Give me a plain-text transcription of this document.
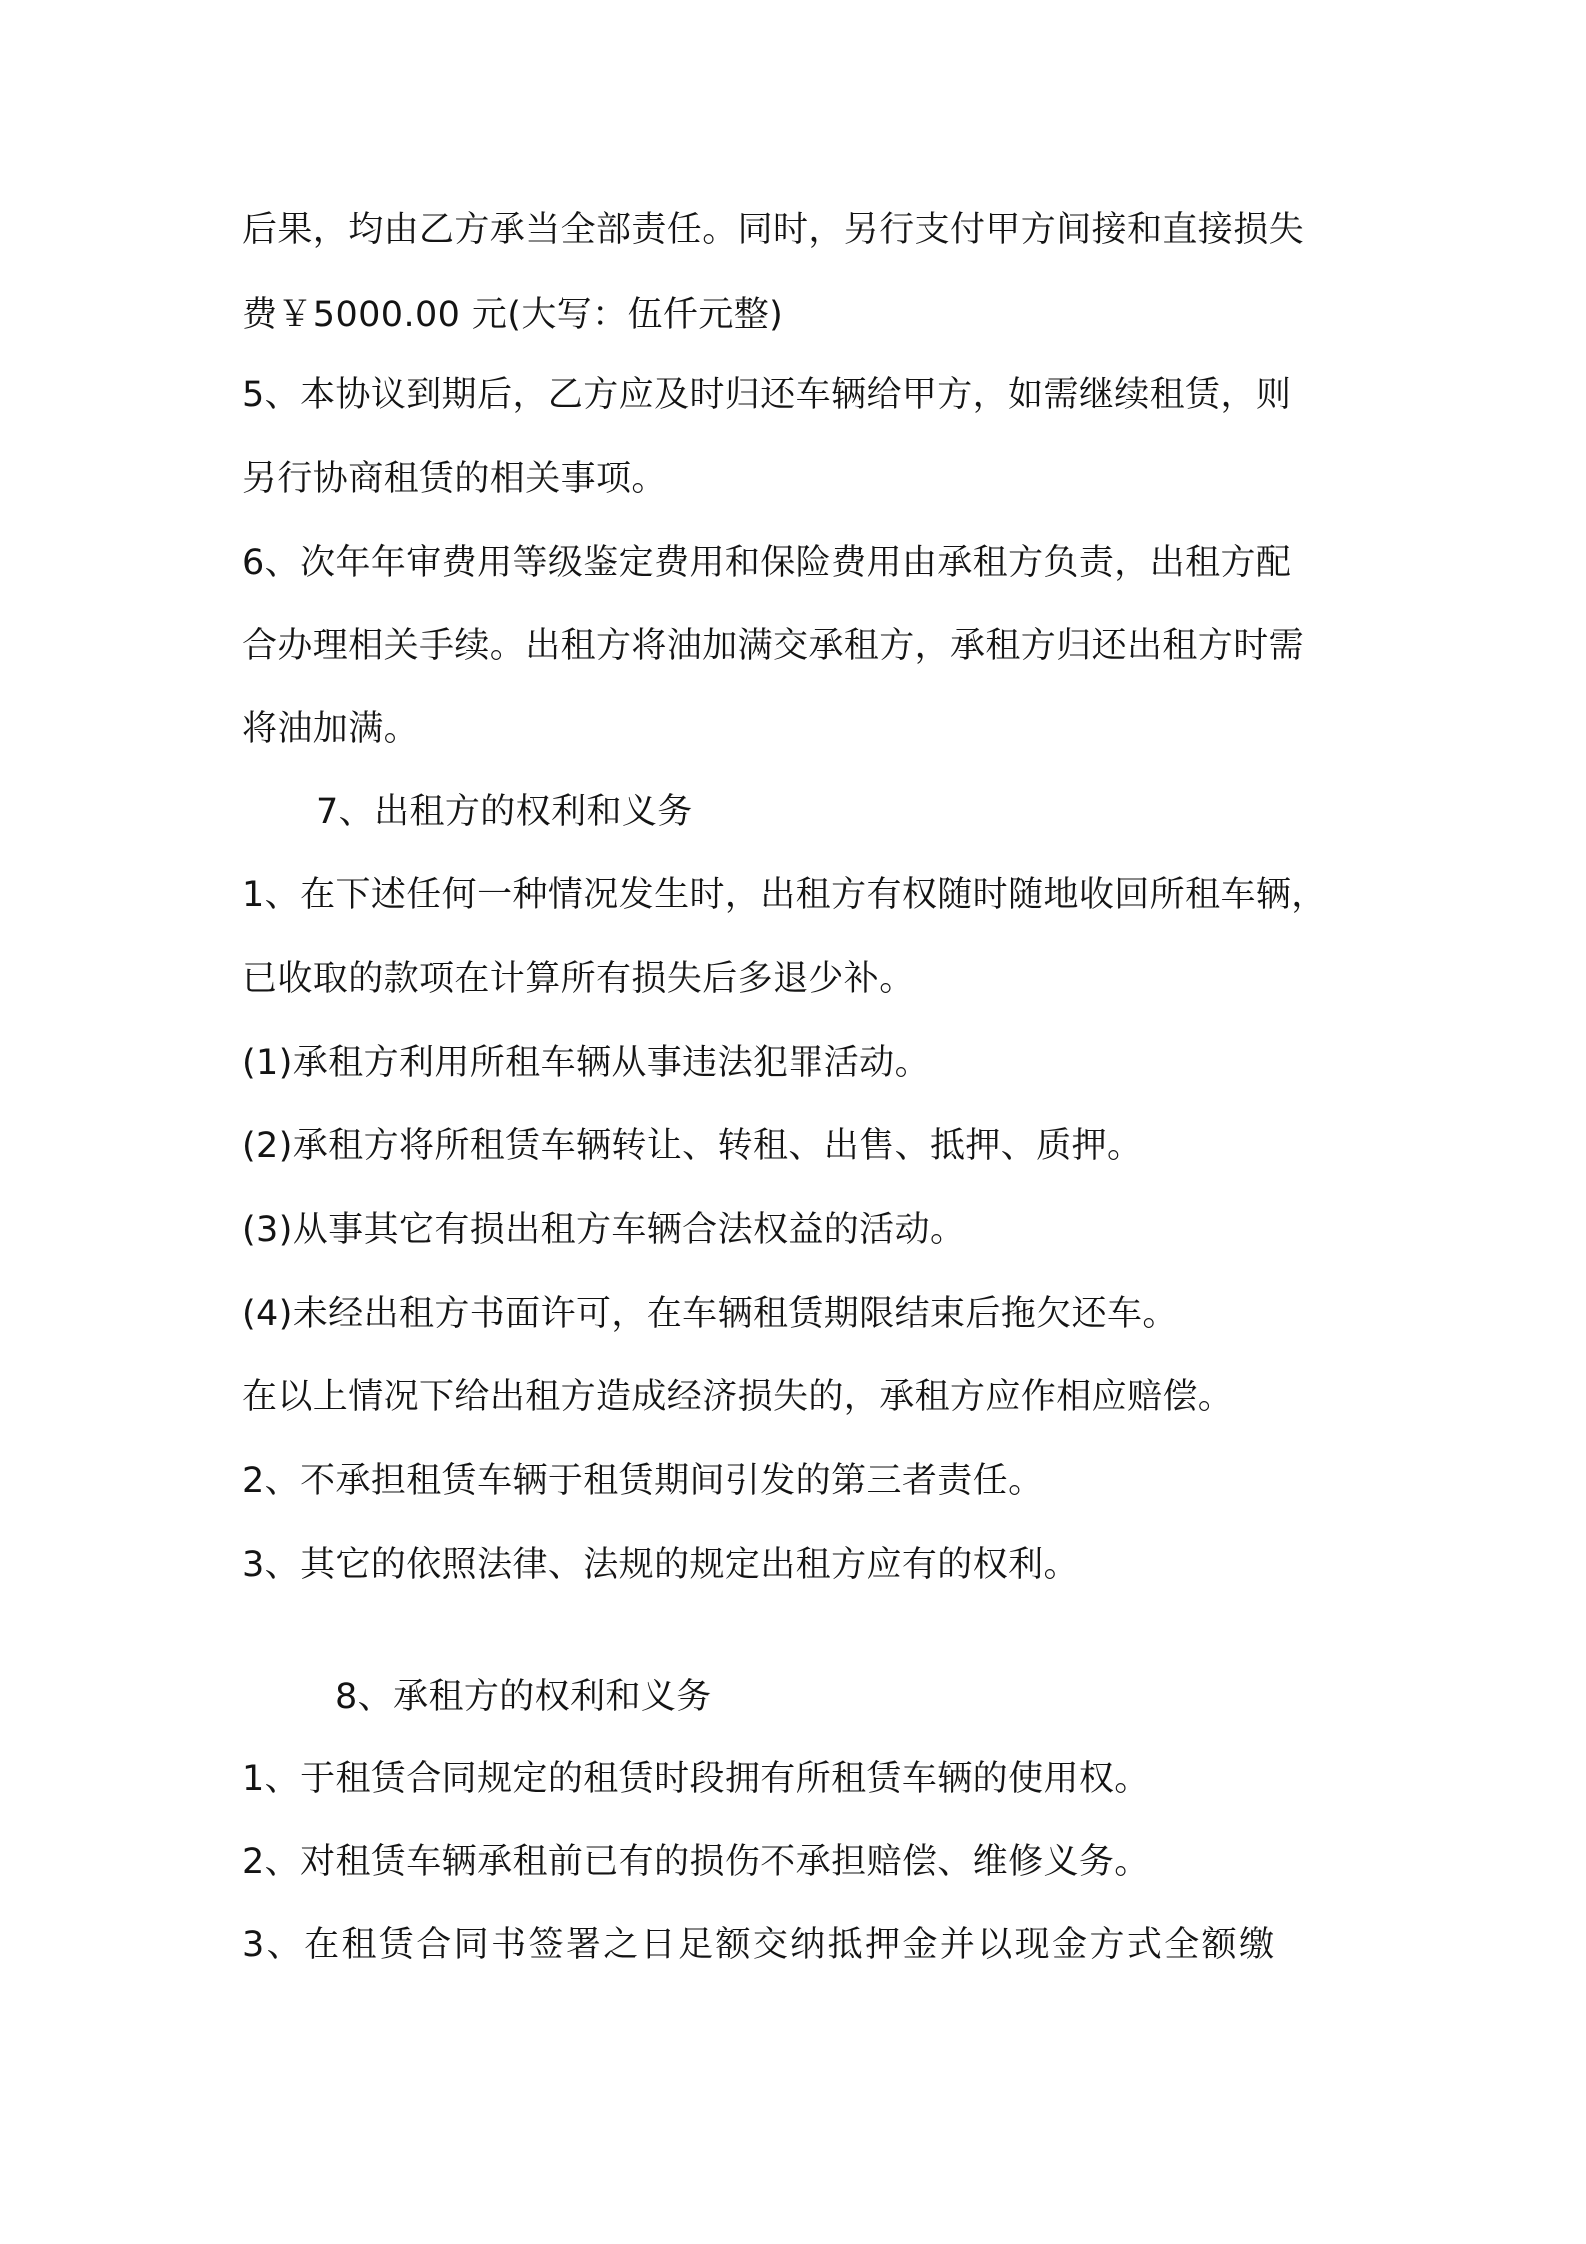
后果，均由乙方承当全部责任。同时，另行支付甲方间接和直接损失
费￥5000.00 元(大写：伍仟元整)
5、本协议到期后，乙方应及时归还车辆给甲方，如需继续租赁，则
另行协商租赁的相关事项。
6、次年年审费用等级鉴定费用和保险费用由承租方负责，出租方配
合办理相关手续。出租方将油加满交承租方，承租方归还出租方时需
将油加满。
7、出租方的权利和义务
1、在下述任何一种情况发生时，出租方有权随时随地收回所租车辆，
已收取的款项在计算所有损失后多退少补。
(1)承租方利用所租车辆从事违法犯罪活动。
(2)承租方将所租赁车辆转让、转租、出售、抵押、质押。
(3)从事其它有损出租方车辆合法权益的活动。
(4)未经出租方书面许可，在车辆租赁期限结束后拖欠还车。
在以上情况下给出租方造成经济损失的，承租方应作相应赔偿。
2、不承担租赁车辆于租赁期间引发的第三者责任。
3、其它的依照法律、法规的规定出租方应有的权利。
8、承租方的权利和义务
1、于租赁合同规定的租赁时段拥有所租赁车辆的使用权。
2、对租赁车辆承租前已有的损伤不承担赔偿、维修义务。
3、在租赁合同书签署之日足额交纳抵押金并以现金方式全额缴
